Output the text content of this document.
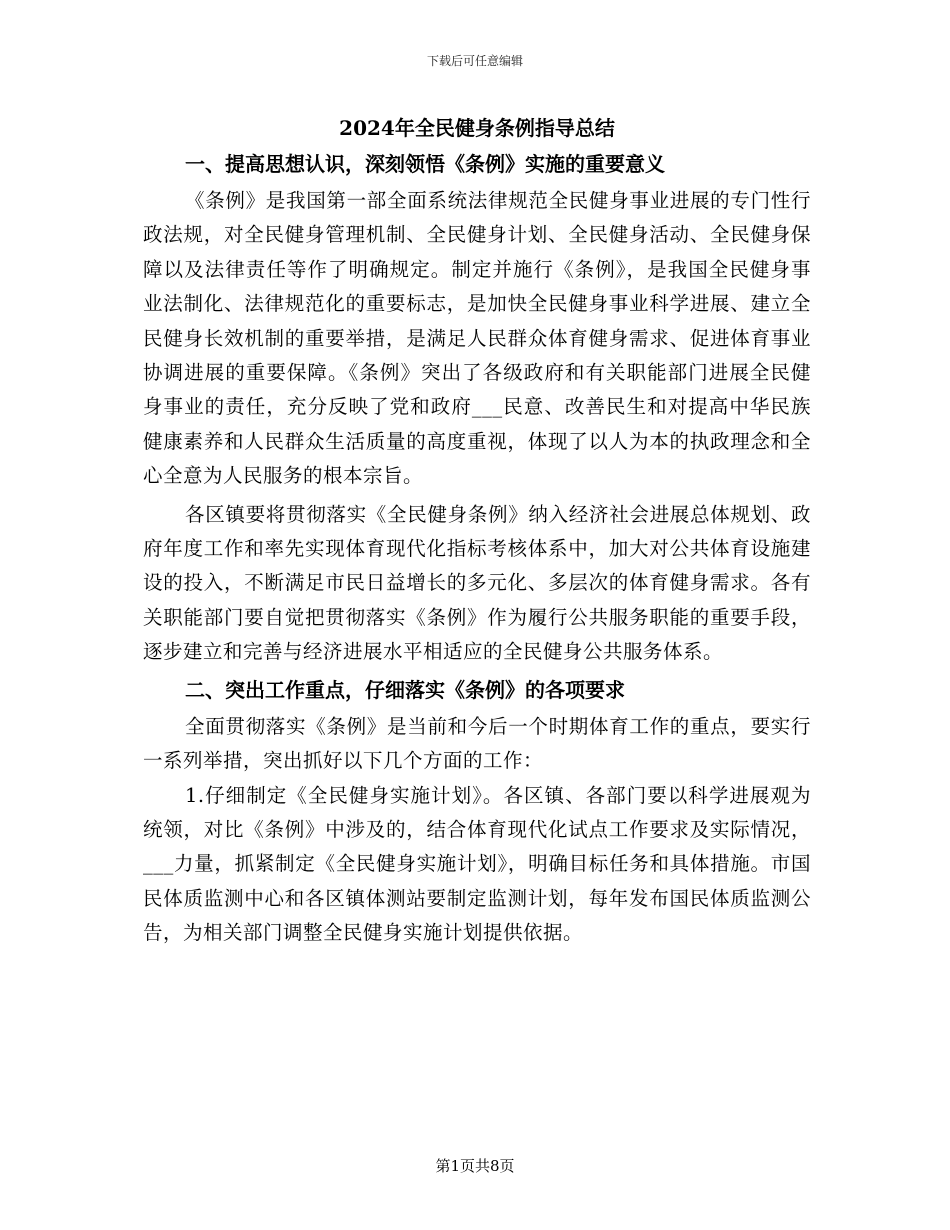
下载后可任意编辑
2024年全民健身条例指导总结
一、提高思想认识，深刻领悟《条例》实施的重要意义

《条例》是我国第一部全面系统法律规范全民健身事业进展的专门性行政法规，对全民健身管理机制、全民健身计划、全民健身活动、全民健身保障以及法律责任等作了明确规定。制定并施行《条例》，是我国全民健身事业法制化、法律规范化的重要标志，是加快全民健身事业科学进展、建立全民健身长效机制的重要举措，是满足人民群众体育健身需求、促进体育事业协调进展的重要保障。《条例》突出了各级政府和有关职能部门进展全民健身事业的责任，充分反映了党和政府___民意、改善民生和对提高中华民族健康素养和人民群众生活质量的高度重视，体现了以人为本的执政理念和全心全意为人民服务的根本宗旨。

各区镇要将贯彻落实《全民健身条例》纳入经济社会进展总体规划、政府年度工作和率先实现体育现代化指标考核体系中，加大对公共体育设施建设的投入，不断满足市民日益增长的多元化、多层次的体育健身需求。各有关职能部门要自觉把贯彻落实《条例》作为履行公共服务职能的重要手段，逐步建立和完善与经济进展水平相适应的全民健身公共服务体系。

二、突出工作重点，仔细落实《条例》的各项要求

全面贯彻落实《条例》是当前和今后一个时期体育工作的重点，要实行一系列举措，突出抓好以下几个方面的工作：

1.仔细制定《全民健身实施计划》。各区镇、各部门要以科学进展观为统领，对比《条例》中涉及的，结合体育现代化试点工作要求及实际情况，___力量，抓紧制定《全民健身实施计划》，明确目标任务和具体措施。市国民体质监测中心和各区镇体测站要制定监测计划，每年发布国民体质监测公告，为相关部门调整全民健身实施计划提供依据。

第1页共8页
